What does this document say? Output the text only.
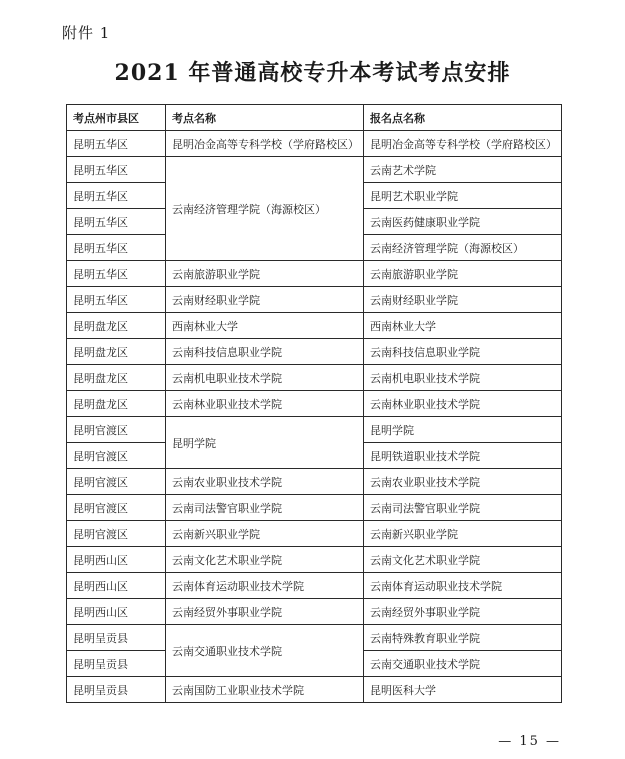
附件 1
2021 年普通高校专升本考试考点安排
考点州市县区	考点名称	报名点名称
昆明五华区	昆明冶金高等专科学校（学府路校区）	昆明冶金高等专科学校（学府路校区）
昆明五华区	云南经济管理学院（海源校区）	云南艺术学院
昆明五华区		昆明艺术职业学院
昆明五华区		云南医药健康职业学院
昆明五华区		云南经济管理学院（海源校区）
昆明五华区	云南旅游职业学院	云南旅游职业学院
昆明五华区	云南财经职业学院	云南财经职业学院
昆明盘龙区	西南林业大学	西南林业大学
昆明盘龙区	云南科技信息职业学院	云南科技信息职业学院
昆明盘龙区	云南机电职业技术学院	云南机电职业技术学院
昆明盘龙区	云南林业职业技术学院	云南林业职业技术学院
昆明官渡区	昆明学院	昆明学院
昆明官渡区		昆明铁道职业技术学院
昆明官渡区	云南农业职业技术学院	云南农业职业技术学院
昆明官渡区	云南司法警官职业学院	云南司法警官职业学院
昆明官渡区	云南新兴职业学院	云南新兴职业学院
昆明西山区	云南文化艺术职业学院	云南文化艺术职业学院
昆明西山区	云南体育运动职业技术学院	云南体育运动职业技术学院
昆明西山区	云南经贸外事职业学院	云南经贸外事职业学院
昆明呈贡县	云南交通职业技术学院	云南特殊教育职业学院
昆明呈贡县		云南交通职业技术学院
昆明呈贡县	云南国防工业职业技术学院	昆明医科大学
— 15 —
